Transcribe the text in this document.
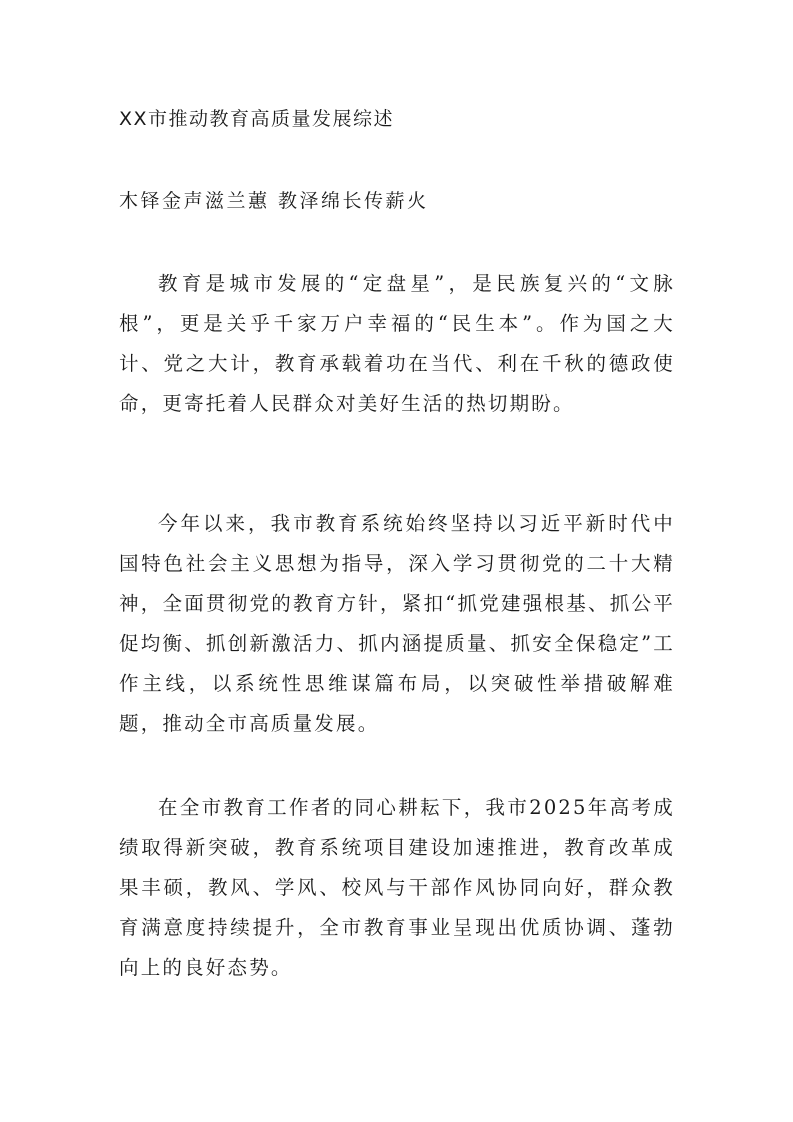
XX市推动教育高质量发展综述
木铎金声滋兰蕙 教泽绵长传薪火

教育是城市发展的“定盘星”，是民族复兴的“文脉根”，更是关乎千家万户幸福的“民生本”。作为国之大计、党之大计，教育承载着功在当代、利在千秋的德政使命，更寄托着人民群众对美好生活的热切期盼。

今年以来，我市教育系统始终坚持以习近平新时代中国特色社会主义思想为指导，深入学习贯彻党的二十大精神，全面贯彻党的教育方针，紧扣“抓党建强根基、抓公平促均衡、抓创新激活力、抓内涵提质量、抓安全保稳定”工作主线，以系统性思维谋篇布局，以突破性举措破解难题，推动全市高质量发展。

在全市教育工作者的同心耕耘下，我市2025年高考成绩取得新突破，教育系统项目建设加速推进，教育改革成果丰硕，教风、学风、校风与干部作风协同向好，群众教育满意度持续提升，全市教育事业呈现出优质协调、蓬勃向上的良好态势。
